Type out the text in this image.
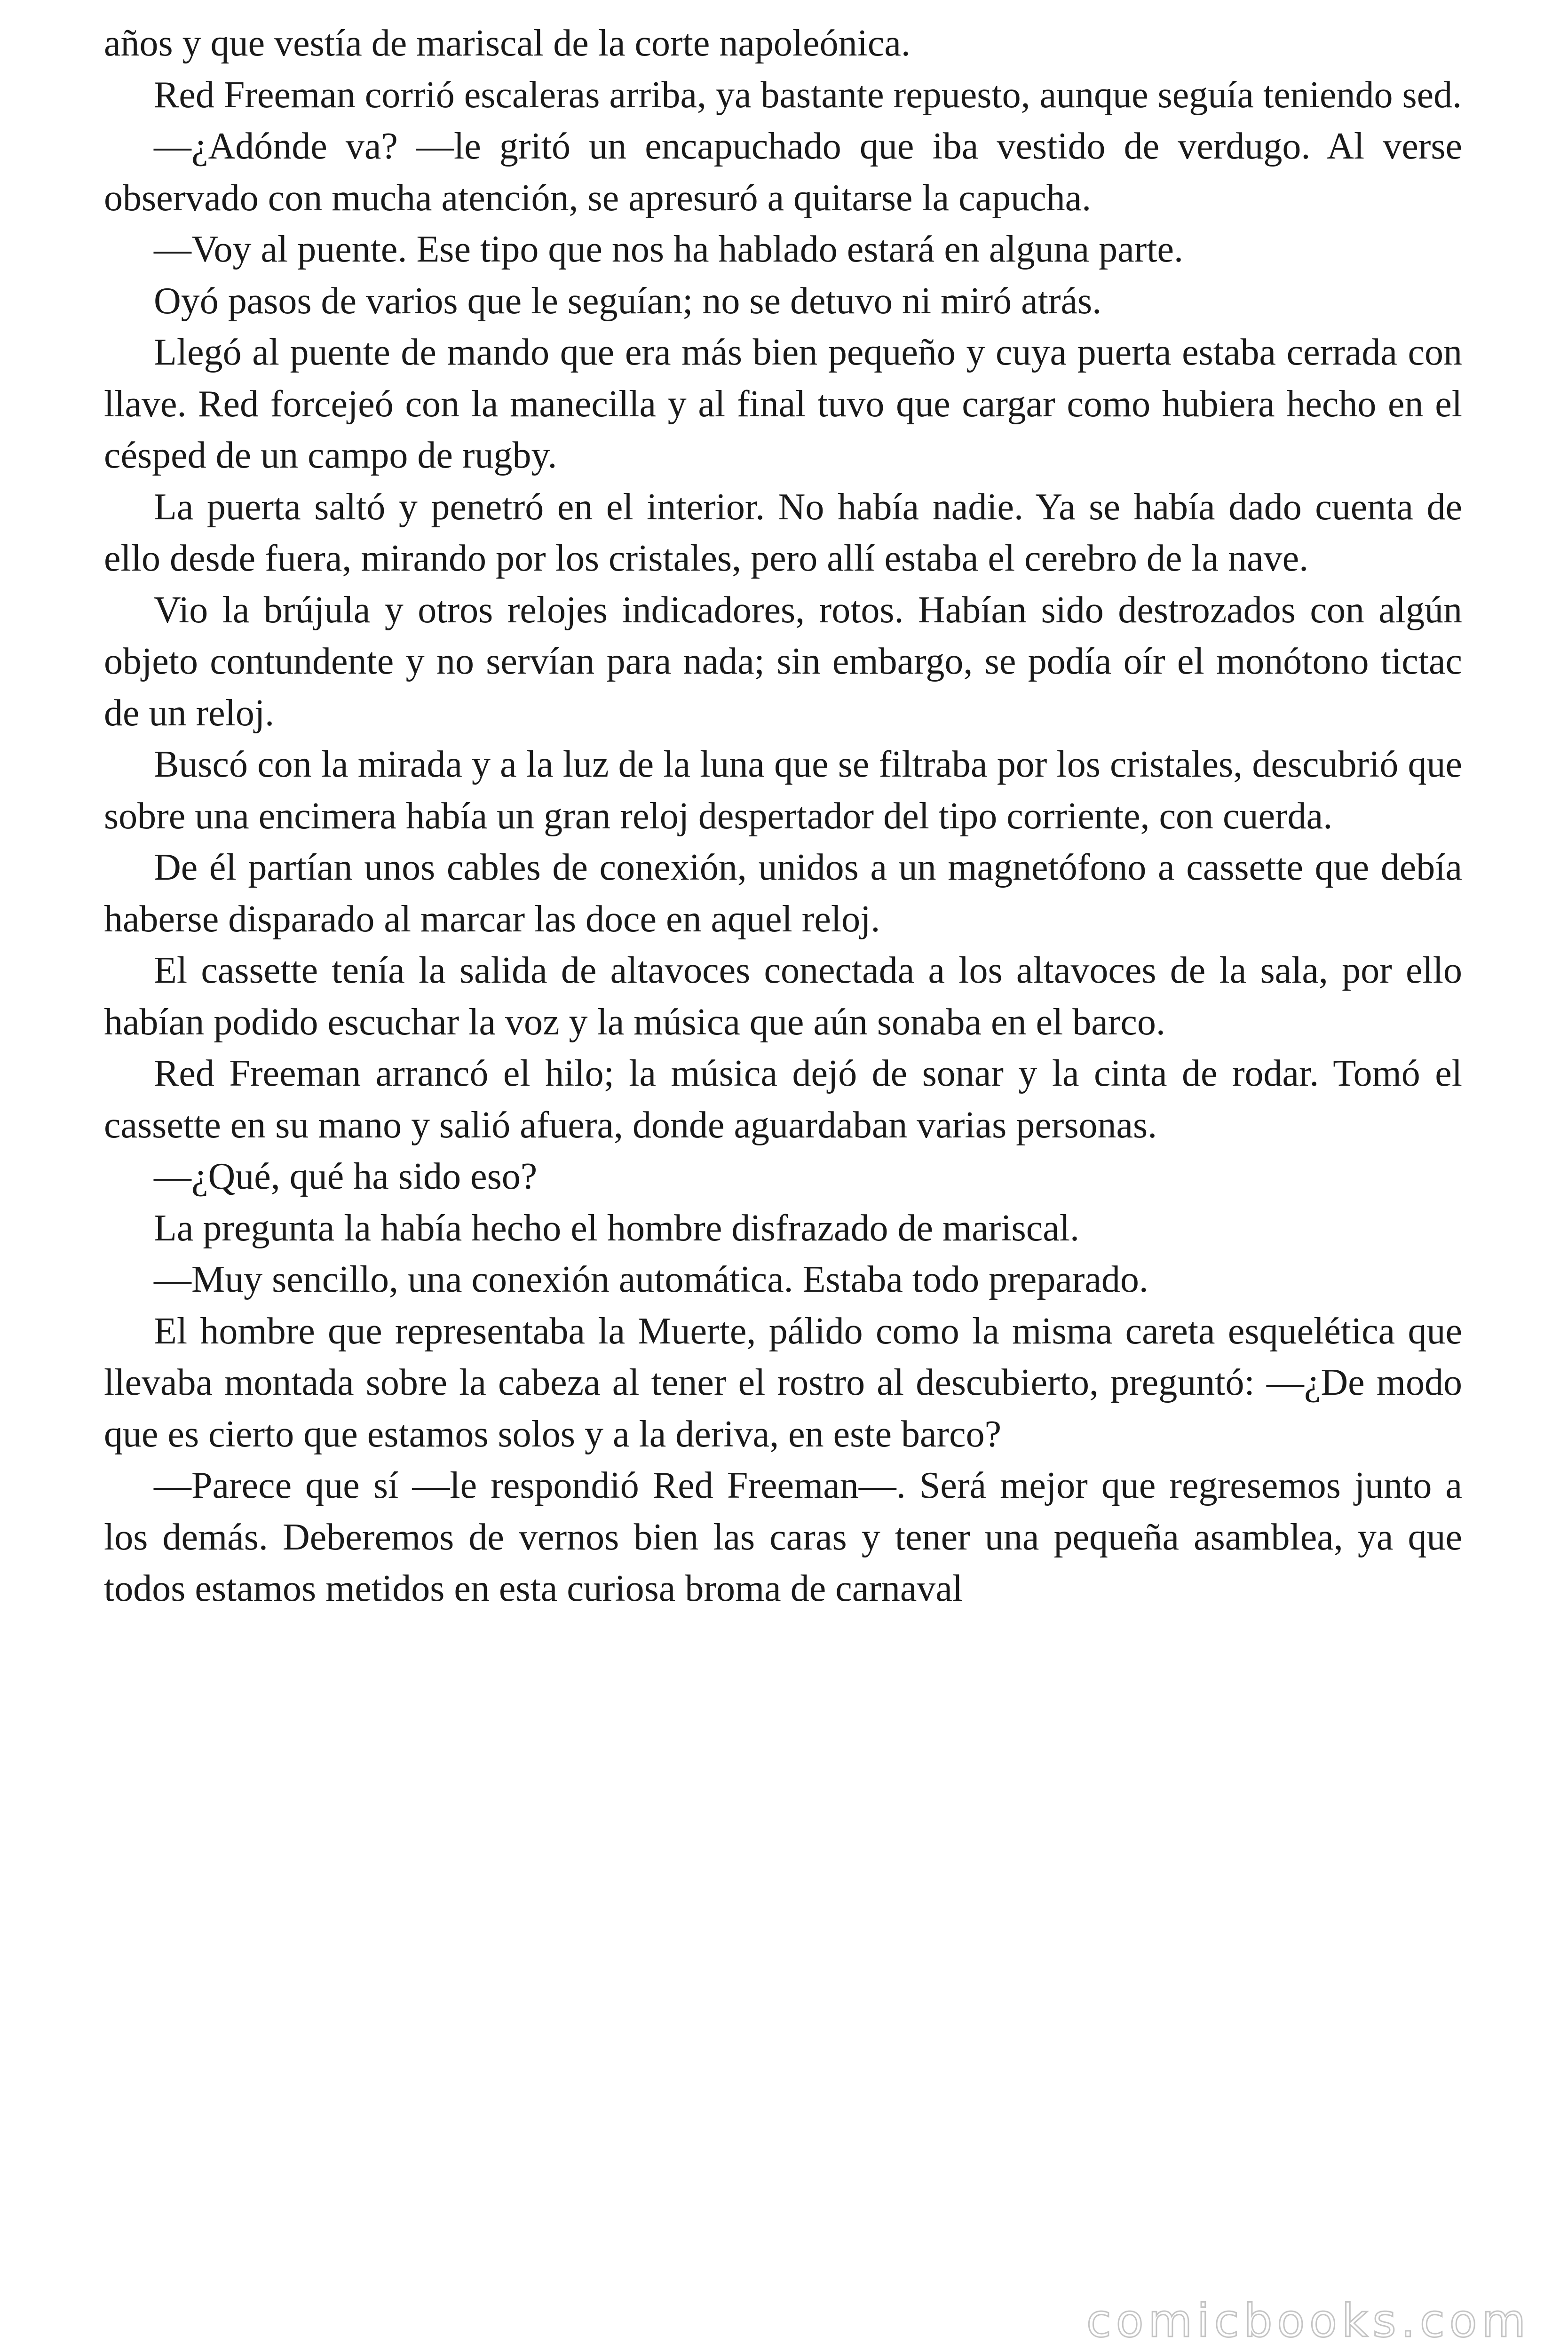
años y que vestía de mariscal de la corte napoleónica.

Red Freeman corrió escaleras arriba, ya bastante repuesto, aunque seguía teniendo sed.

—¿Adónde va? —le gritó un encapuchado que iba vestido de verdugo. Al verse observado con mucha atención, se apresuró a quitarse la capucha.

—Voy al puente. Ese tipo que nos ha hablado estará en alguna parte.

Oyó pasos de varios que le seguían; no se detuvo ni miró atrás.

Llegó al puente de mando que era más bien pequeño y cuya puerta estaba cerrada con llave. Red forcejeó con la manecilla y al final tuvo que cargar como hubiera hecho en el césped de un campo de rugby.

La puerta saltó y penetró en el interior. No había nadie. Ya se había dado cuenta de ello desde fuera, mirando por los cristales, pero allí estaba el cerebro de la nave.

Vio la brújula y otros relojes indicadores, rotos. Habían sido destrozados con algún objeto contundente y no servían para nada; sin embargo, se podía oír el monótono tictac de un reloj.

Buscó con la mirada y a la luz de la luna que se filtraba por los cristales, descubrió que sobre una encimera había un gran reloj despertador del tipo corriente, con cuerda.

De él partían unos cables de conexión, unidos a un magnetófono a cassette que debía haberse disparado al marcar las doce en aquel reloj.

El cassette tenía la salida de altavoces conectada a los altavoces de la sala, por ello habían podido escuchar la voz y la música que aún sonaba en el barco.

Red Freeman arrancó el hilo; la música dejó de sonar y la cinta de rodar. Tomó el cassette en su mano y salió afuera, donde aguardaban varias personas.

—¿Qué, qué ha sido eso?

La pregunta la había hecho el hombre disfrazado de mariscal.

—Muy sencillo, una conexión automática. Estaba todo preparado.

El hombre que representaba la Muerte, pálido como la misma careta esquelética que llevaba montada sobre la cabeza al tener el rostro al descubierto, preguntó: —¿De modo que es cierto que estamos solos y a la deriva, en este barco?

—Parece que sí —le respondió Red Freeman—. Será mejor que regresemos junto a los demás. Deberemos de vernos bien las caras y tener una pequeña asamblea, ya que todos estamos metidos en esta curiosa broma de carnaval

comicbooks.com
